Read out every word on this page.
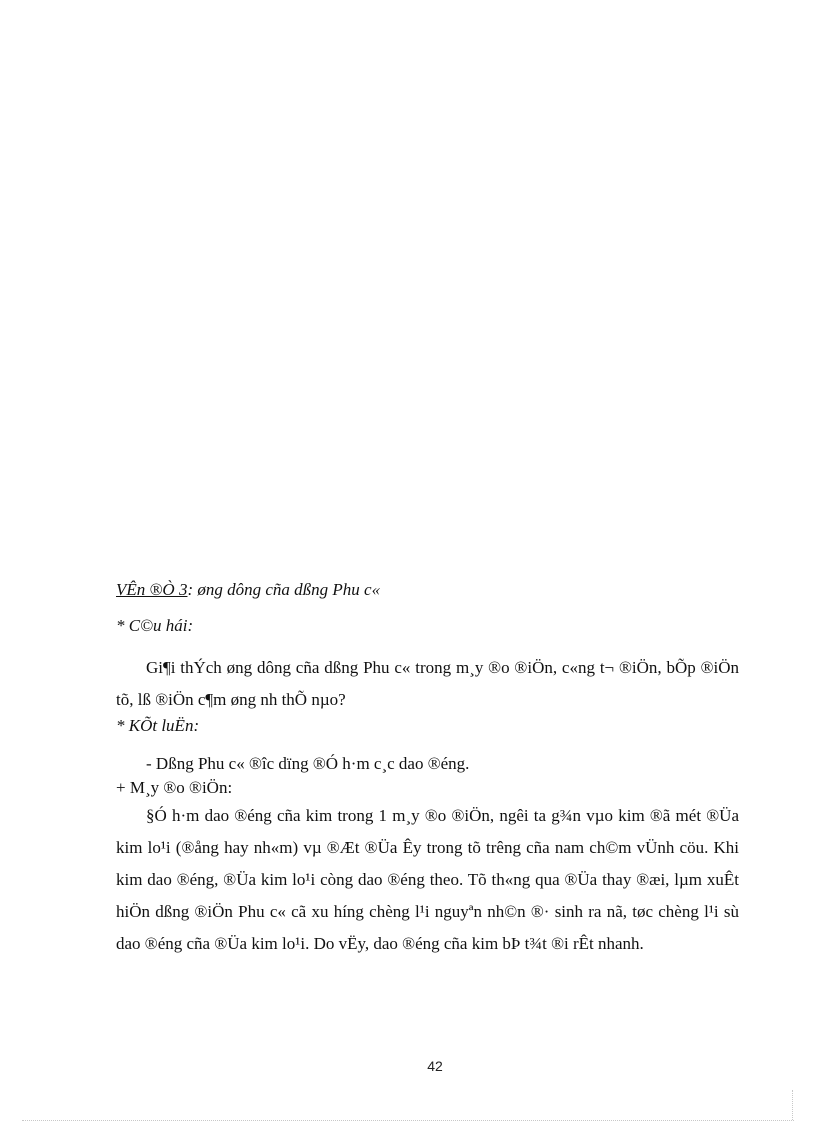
VÊn ®Ò 3: øng dông cña dßng Phu c«
* C©u hái:
Gi¶i thÝch øng dông cña dßng Phu c« trong m¸y ®o ®iÖn, c«ng t¬ ®iÖn, bÕp ®iÖn tõ, lß ®iÖn c¶m øng nh thÕ nµo?
* KÕt luËn:
- Dßng Phu c« ®îc dïng ®Ó h·m c¸c dao ®éng.
+ M¸y ®o ®iÖn:
§Ó h·m dao ®éng cña kim trong 1 m¸y ®o ®iÖn, ngêi ta g¾n vµo kim ®ã mét ®Üa kim lo¹i (®ång hay nh«m) vµ ®Æt ®Üa Êy trong tõ trêng cña nam ch©m vÜnh cöu. Khi kim dao ®éng, ®Üa kim lo¹i còng dao ®éng theo. Tõ th«ng qua ®Üa thay ®æi, lµm xuÊt hiÖn dßng ®iÖn Phu c« cã xu híng chèng l¹i nguyªn nh©n ®· sinh ra nã, tøc chèng l¹i sù dao ®éng cña ®Üa kim lo¹i. Do vËy, dao ®éng cña kim bÞ t¾t ®i rÊt nhanh.
42
